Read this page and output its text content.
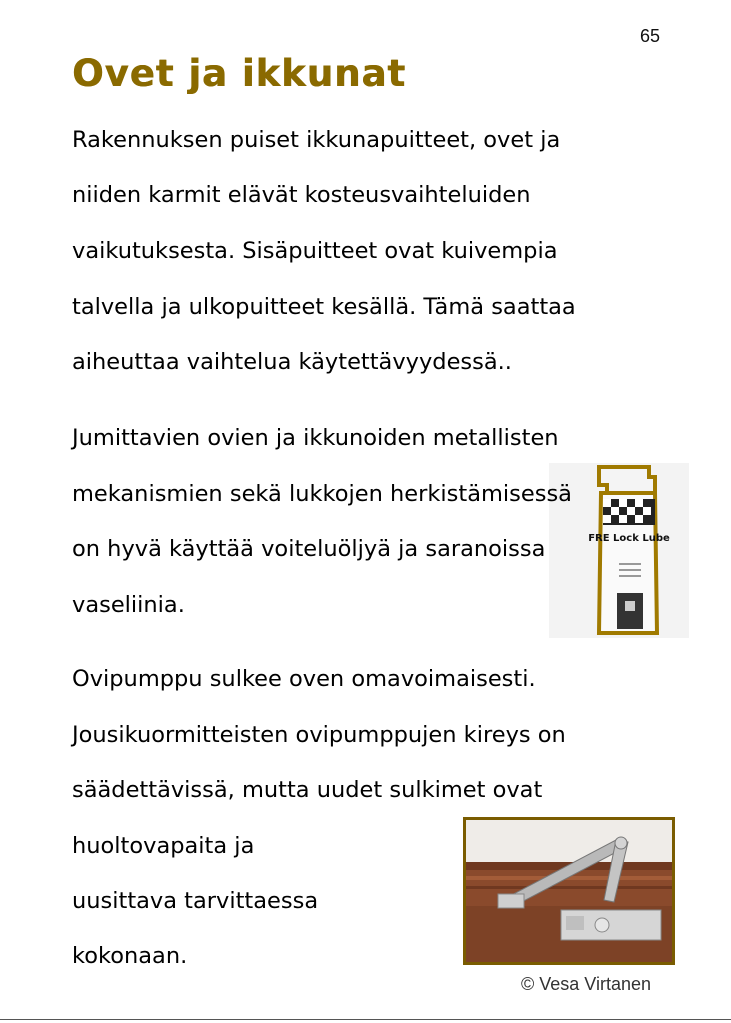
65
Ovet ja ikkunat
FRE Lock Lube
Rakennuksen puiset ikkunapuitteet, ovet ja
niiden karmit elävät kosteusvaihteluiden
vaikutuksesta. Sisäpuitteet ovat kuivempia
talvella ja ulkopuitteet kesällä. Tämä saattaa
aiheuttaa vaihtelua käytettävyydessä..
Jumittavien ovien ja ikkunoiden metallisten
mekanismien sekä lukkojen herkistämisessä
on hyvä käyttää voiteluöljyä ja saranoissa
vaseliinia.
Ovipumppu sulkee oven omavoimaisesti.
Jousikuormitteisten ovipumppujen kireys on
säädettävissä, mutta uudet sulkimet ovat
huoltovapaita ja
uusittava tarvittaessa
kokonaan.
© Vesa Virtanen
